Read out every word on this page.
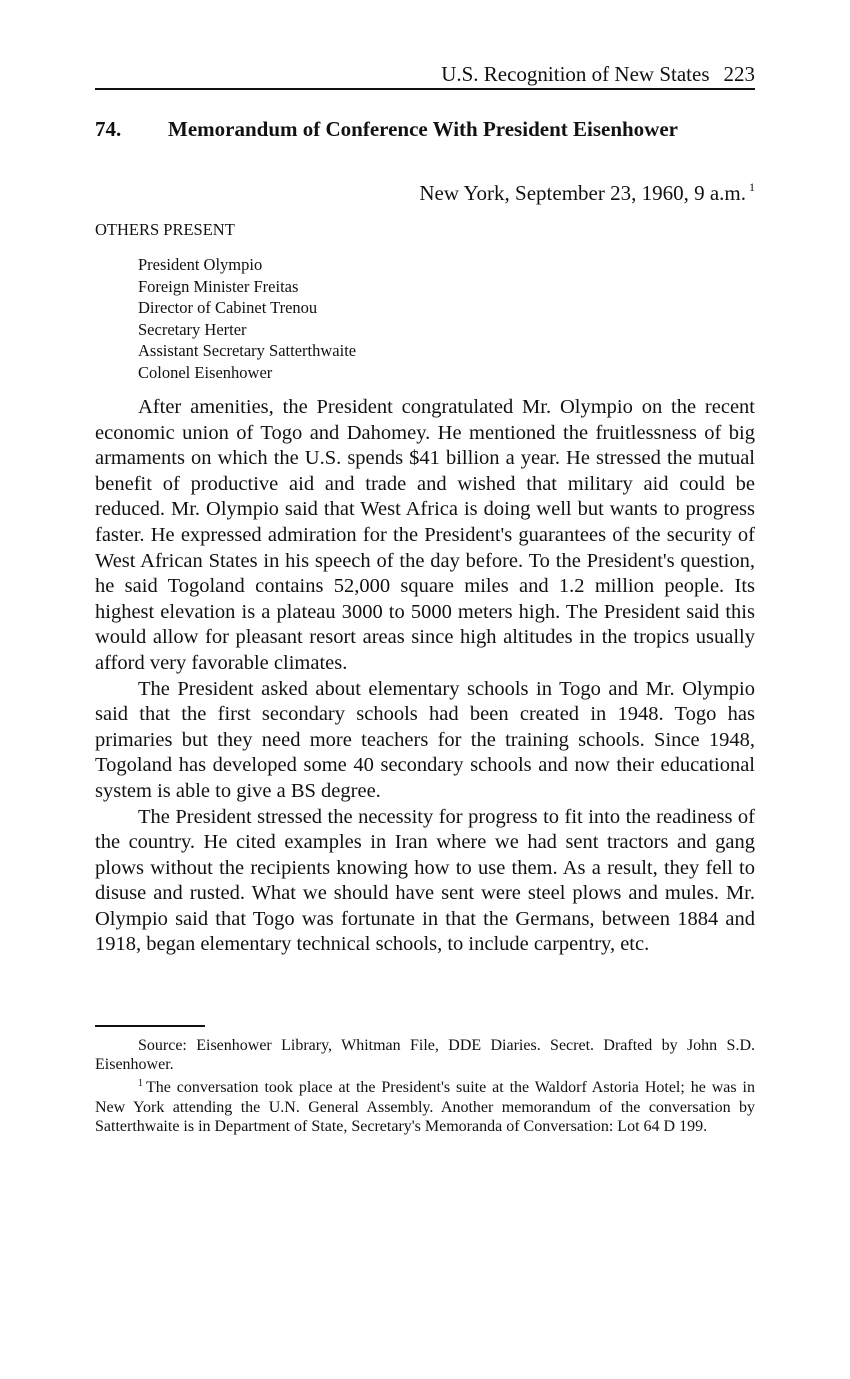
U.S. Recognition of New States 223
74. Memorandum of Conference With President Eisenhower
New York, September 23, 1960, 9 a.m. $^1$
OTHERS PRESENT
President Olympio
Foreign Minister Freitas
Director of Cabinet Trenou
Secretary Herter
Assistant Secretary Satterthwaite
Colonel Eisenhower

After amenities, the President congratulated Mr. Olympio on the recent economic union of Togo and Dahomey. He mentioned the fruitlessness of big armaments on which the U.S. spends $41 billion a year. He stressed the mutual benefit of productive aid and trade and wished that military aid could be reduced. Mr. Olympio said that West Africa is doing well but wants to progress faster. He expressed admiration for the President's guarantees of the security of West African States in his speech of the day before. To the President's question, he said Togoland contains 52,000 square miles and 1.2 million people. Its highest elevation is a plateau 3000 to 5000 meters high. The President said this would allow for pleasant resort areas since high altitudes in the tropics usually afford very favorable climates.

The President asked about elementary schools in Togo and Mr. Olympio said that the first secondary schools had been created in 1948. Togo has primaries but they need more teachers for the training schools. Since 1948, Togoland has developed some 40 secondary schools and now their educational system is able to give a BS degree.

The President stressed the necessity for progress to fit into the readiness of the country. He cited examples in Iran where we had sent tractors and gang plows without the recipients knowing how to use them. As a result, they fell to disuse and rusted. What we should have sent were steel plows and mules. Mr. Olympio said that Togo was fortunate in that the Germans, between 1884 and 1918, began elementary technical schools, to include carpentry, etc.

Source: Eisenhower Library, Whitman File, DDE Diaries. Secret. Drafted by John S.D. Eisenhower.

$^1$ The conversation took place at the President's suite at the Waldorf Astoria Hotel; he was in New York attending the U.N. General Assembly. Another memorandum of the conversation by Satterthwaite is in Department of State, Secretary's Memoranda of Conversation: Lot 64 D 199.
